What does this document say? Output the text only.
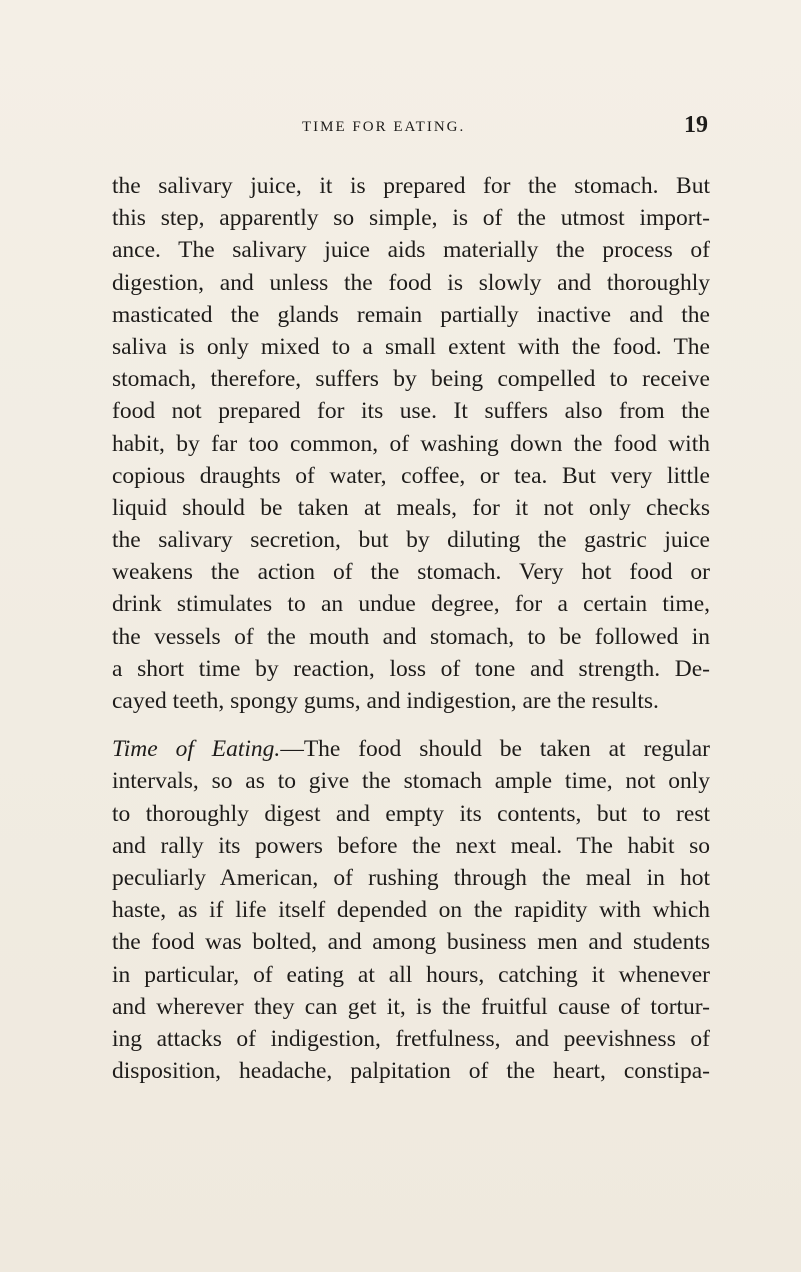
TIME FOR EATING.	19
the salivary juice, it is prepared for the stomach. But
this step, apparently so simple, is of the utmost import-
ance. The salivary juice aids materially the process of
digestion, and unless the food is slowly and thoroughly
masticated the glands remain partially inactive and the
saliva is only mixed to a small extent with the food. The
stomach, therefore, suffers by being compelled to receive
food not prepared for its use. It suffers also from the
habit, by far too common, of washing down the food with
copious draughts of water, coffee, or tea. But very little
liquid should be taken at meals, for it not only checks
the salivary secretion, but by diluting the gastric juice
weakens the action of the stomach. Very hot food or
drink stimulates to an undue degree, for a certain time,
the vessels of the mouth and stomach, to be followed in
a short time by reaction, loss of tone and strength. De-
cayed teeth, spongy gums, and indigestion, are the results.
Time of Eating.—The food should be taken at regular
intervals, so as to give the stomach ample time, not only
to thoroughly digest and empty its contents, but to rest
and rally its powers before the next meal. The habit so
peculiarly American, of rushing through the meal in hot
haste, as if life itself depended on the rapidity with which
the food was bolted, and among business men and students
in particular, of eating at all hours, catching it whenever
and wherever they can get it, is the fruitful cause of tortur-
ing attacks of indigestion, fretfulness, and peevishness of
disposition, headache, palpitation of the heart, constipa-
